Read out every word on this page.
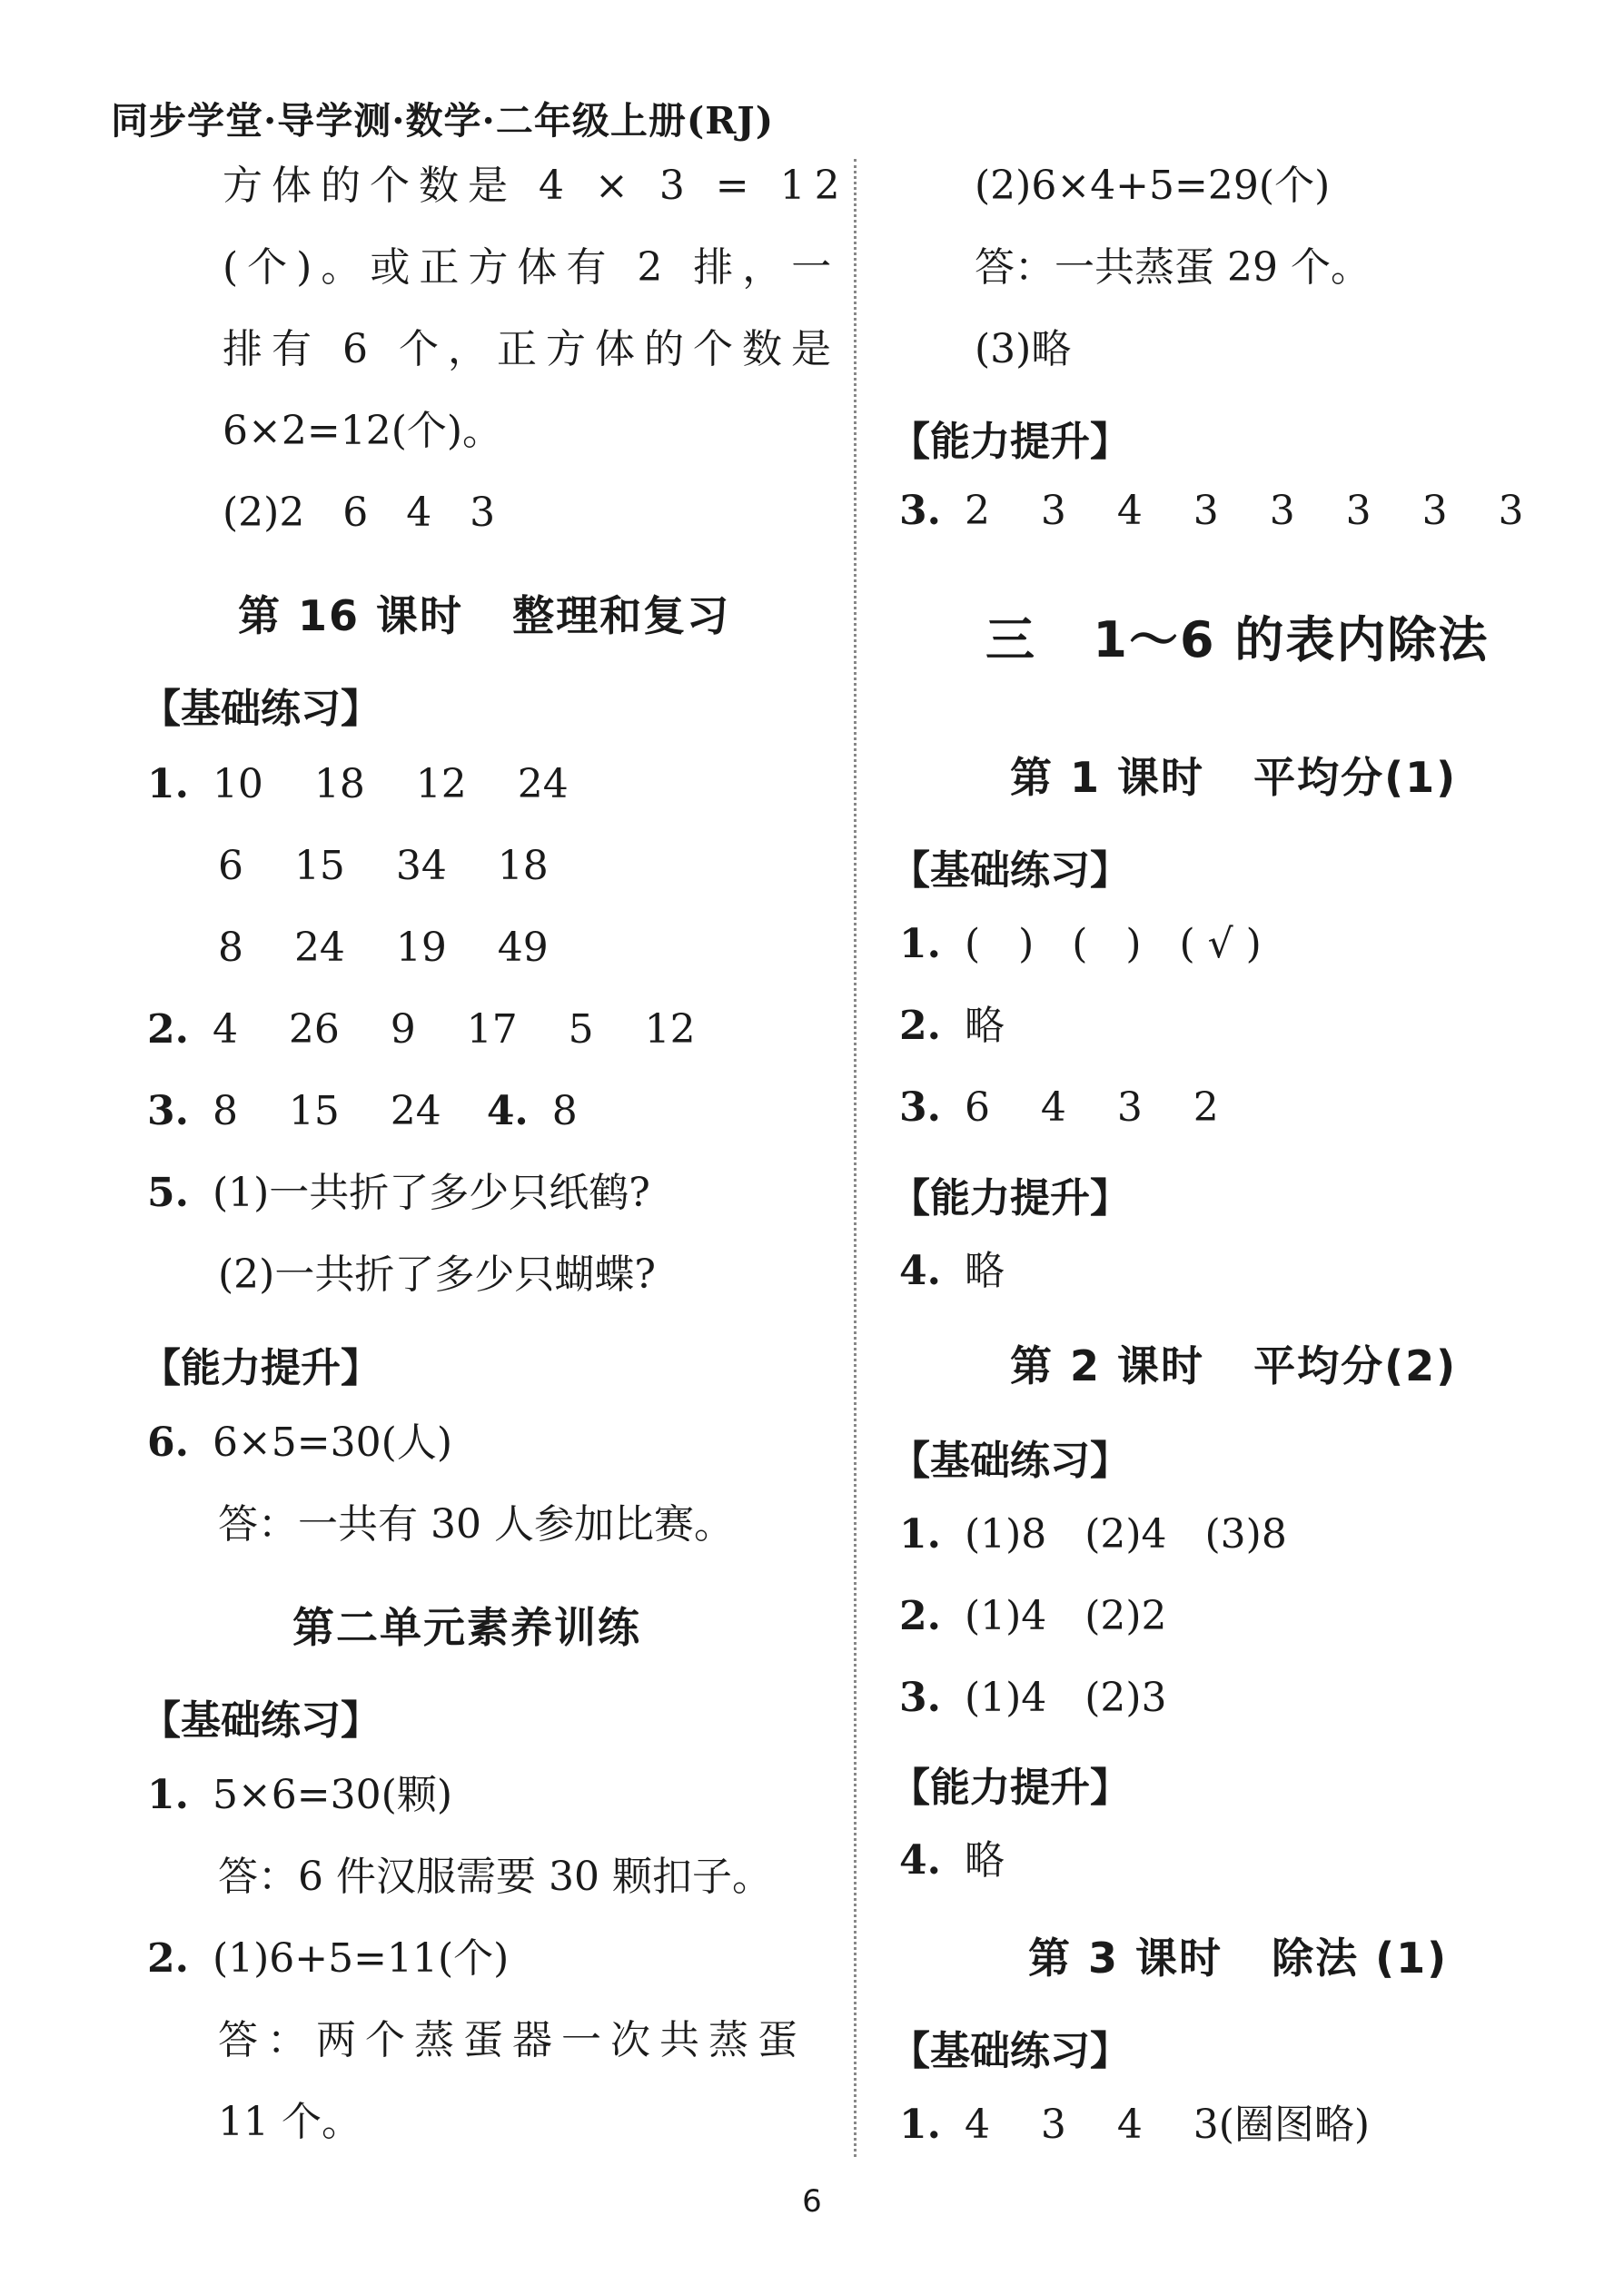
同步学堂·导学测·数学·二年级上册(RJ)
方体的个数是 4 × 3 = 12
(个)。或正方体有 2 排，一
排有 6 个，正方体的个数是
6×2=12(个)。
(2)2   6   4   3
第 16 课时   整理和复习
【基础练习】
1. 10    18    12    24
6    15    34    18
8    24    19    49
2. 4    26    9    17    5    12
3. 8    15    24 4. 8
5. (1)一共折了多少只纸鹤?
(2)一共折了多少只蝴蝶?
【能力提升】
6. 6×5=30(人)
答：一共有 30 人参加比赛。
第二单元素养训练
【基础练习】
1. 5×6=30(颗)
答：6 件汉服需要 30 颗扣子。
2. (1)6+5=11(个)
答：两个蒸蛋器一次共蒸蛋
11 个。
(2)6×4+5=29(个)
答：一共蒸蛋 29 个。
(3)略
【能力提升】
3. 2    3    4    3    3    3    3    3
三   1～6 的表内除法
第 1 课时   平均分(1)
【基础练习】
1. (   )   (   )   ( √ )
2. 略
3. 6    4    3    2
【能力提升】
4. 略
第 2 课时   平均分(2)
【基础练习】
1. (1)8   (2)4   (3)8
2. (1)4   (2)2
3. (1)4   (2)3
【能力提升】
4. 略
第 3 课时   除法 (1)
【基础练习】
1. 4    3    4    3(圈图略)
6
